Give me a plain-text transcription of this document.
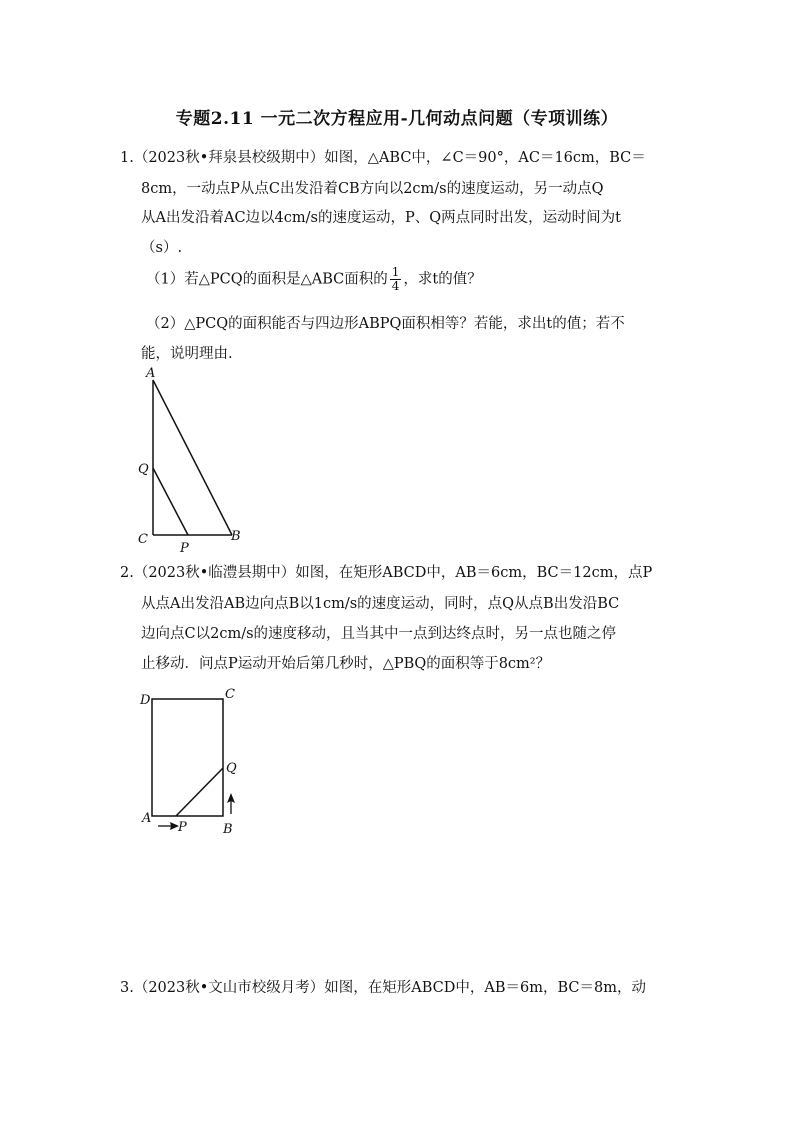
专题2.11 一元二次方程应用-几何动点问题（专项训练）
1.（2023秋•拜泉县校级期中）如图，△ABC中，∠C＝90°，AC＝16cm，BC＝
8cm，一动点P从点C出发沿着CB方向以2cm/s的速度运动，另一动点Q
从A出发沿着AC边以4cm/s的速度运动，P、Q两点同时出发，运动时间为t
（s）.
（1）若△PCQ的面积是△ABC面积的 $\frac{1}{4}$ ，求t的值？
（2）△PCQ的面积能否与四边形ABPQ面积相等？若能，求出t的值；若不
能，说明理由.
A
Q
C
P
B
2.（2023秋•临澧县期中）如图，在矩形ABCD中，AB＝6cm，BC＝12cm，点P
从点A出发沿AB边向点B以1cm/s的速度运动，同时，点Q从点B出发沿BC
边向点C以2cm/s的速度移动，且当其中一点到达终点时，另一点也随之停
止移动．问点P运动开始后第几秒时，△PBQ的面积等于8cm²？
D	C
Q
A
P	B
3.（2023秋•文山市校级月考）如图，在矩形ABCD中，AB＝6m，BC＝8m，动
